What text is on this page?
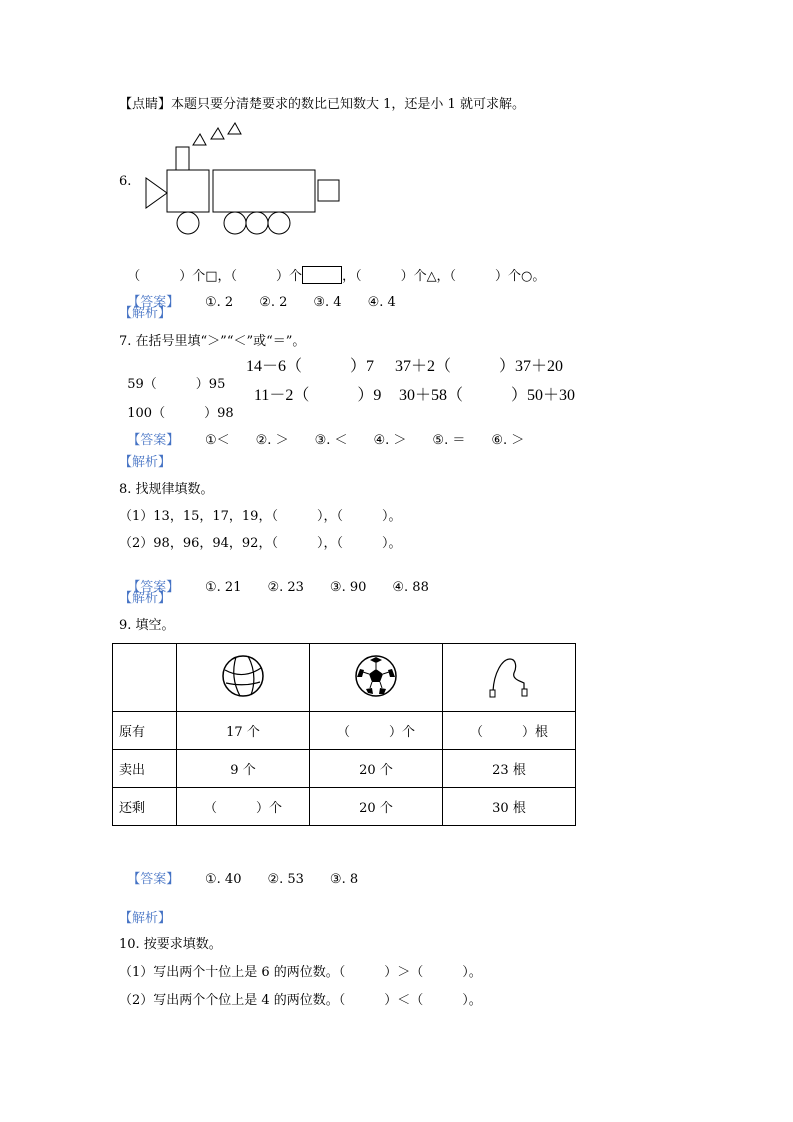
【点睛】本题只要分清楚要求的数比已知数大 1，还是小 1 就可求解。
6.

（　　　）个□，（　　　）个	，（　　　）个△，（　　　）个○。

【答案】 ①. 2　　②. 2　　③. 4　　④. 4

【解析】
7. 在括号里填“＞”“＜”或“＝”。

59（　　　）95

14－6（　　　）7

37＋2（　　　）37＋20

100（　　　）98

11－2（　　　）9

30＋58（　　　）50＋30

【答案】 ①＜　　②. ＞　　③. ＜　　④. ＞　　⑤. ＝　　⑥. ＞

【解析】
8. 找规律填数。
（1）13，15，17，19，（　　　），（　　　）。
（2）98，96，94，92，（　　　），（　　　）。

【答案】 ①. 21　　②. 23　　③. 90　　④. 88

【解析】
9. 填空。

原有	17 个	（　　　）个	（　　　）根
卖出	9 个	20 个	23 根
还剩	（　　　）个	20 个	30 根

【答案】 ①. 40　　②. 53　　③. 8

【解析】
10. 按要求填数。
（1）写出两个十位上是 6 的两位数。（　　　）＞（　　　）。
（2）写出两个个位上是 4 的两位数。（　　　）＜（　　　）。
